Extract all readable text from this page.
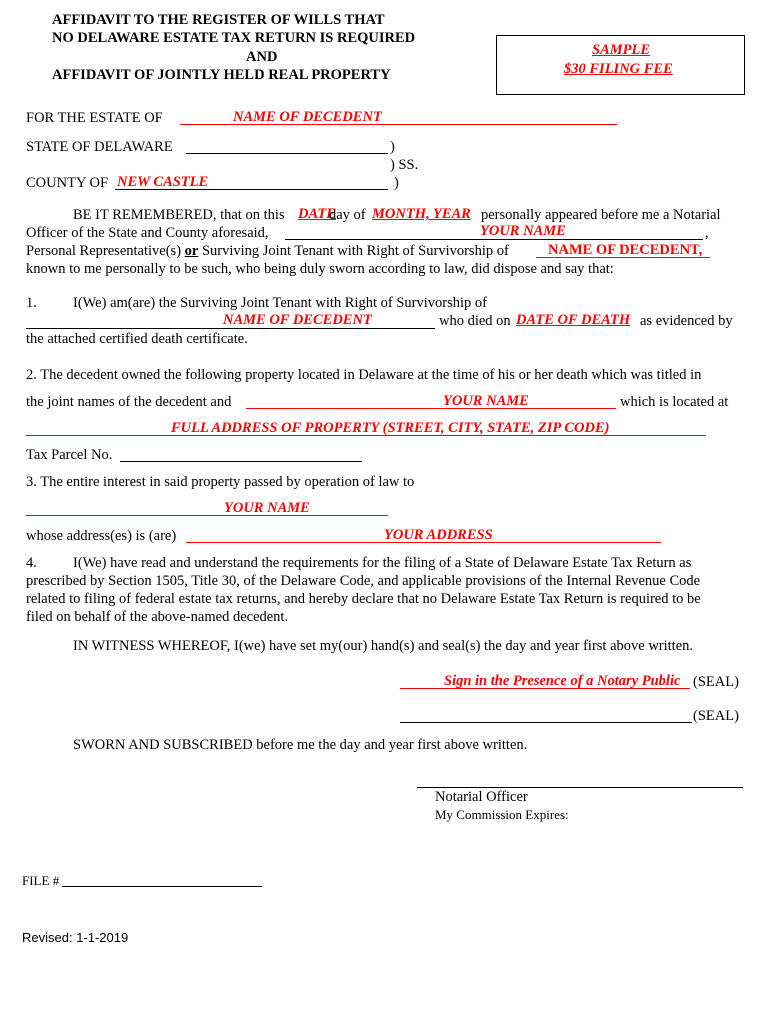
AFFIDAVIT TO THE REGISTER OF WILLS THAT
NO DELAWARE ESTATE TAX RETURN IS REQUIRED
AND
AFFIDAVIT OF JOINTLY HELD REAL PROPERTY
SAMPLE
$30 FILING FEE
FOR THE ESTATE OF	NAME OF DECEDENT
STATE OF DELAWARE	)
) SS.
COUNTY OF NEW CASTLE	)
BE IT REMEMBERED, that on this DATE
day of MONTH, YEAR personally appeared before me a Notarial
Officer of the State and County aforesaid,	YOUR NAME	,
Personal Representative(s) or Surviving Joint Tenant with Right of Survivorship of	NAME OF DECEDENT,
known to me personally to be such, who being duly sworn according to law, did dispose and say that:
1. I(We) am(are) the Surviving Joint Tenant with Right of Survivorship of
NAME OF DECEDENT	who died on DATE OF DEATH as evidenced by
the attached certified death certificate.
2. The decedent owned the following property located in Delaware at the time of his or her death which was titled in
the joint names of the decedent and	YOUR NAME	which is located at
FULL ADDRESS OF PROPERTY (STREET, CITY, STATE, ZIP CODE)
Tax Parcel No.
3. The entire interest in said property passed by operation of law to
YOUR NAME
whose address(es) is (are)	YOUR ADDRESS
4. I(We) have read and understand the requirements for the filing of a State of Delaware Estate Tax Return as
prescribed by Section 1505, Title 30, of the Delaware Code, and applicable provisions of the Internal Revenue Code
related to filing of federal estate tax returns, and hereby declare that no Delaware Estate Tax Return is required to be
filed on behalf of the above-named decedent.
IN WITNESS WHEREOF, I(we) have set my(our) hand(s) and seal(s) the day and year first above written.
Sign in the Presence of a Notary Public (SEAL)
(SEAL)
SWORN AND SUBSCRIBED before me the day and year first above written.
Notarial Officer
My Commission Expires:
FILE #
Revised: 1-1-2019
